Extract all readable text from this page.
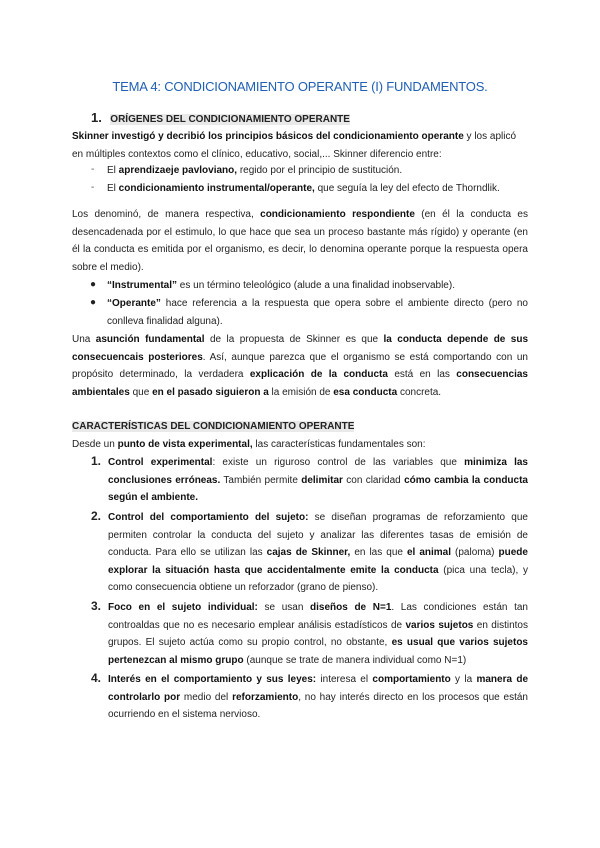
TEMA 4: CONDICIONAMIENTO OPERANTE (I) FUNDAMENTOS.
1. ORÍGENES DEL CONDICIONAMIENTO OPERANTE
Skinner investigó y decribió los principios básicos del condicionamiento operante y los aplicó en múltiples contextos como el clínico, educativo, social,... Skinner diferencio entre:
- El aprendizaeje pavloviano, regido por el principio de sustitución.
- El condicionamiento instrumental/operante, que seguía la ley del efecto de Thorndlik.
Los denominó, de manera respectiva, condicionamiento respondiente (en él la conducta es desencadenada por el estimulo, lo que hace que sea un proceso bastante más rígido) y operante (en él la conducta es emitida por el organismo, es decir, lo denomina operante porque la respuesta opera sobre el medio).
● “Instrumental” es un término teleológico (alude a una finalidad inobservable).
● “Operante” hace referencia a la respuesta que opera sobre el ambiente directo (pero no conlleva finalidad alguna).
Una asunción fundamental de la propuesta de Skinner es que la conducta depende de sus consecuencais posteriores. Así, aunque parezca que el organismo se está comportando con un propósito determinado, la verdadera explicación de la conducta está en las consecuencias ambientales que en el pasado siguieron a la emisión de esa conducta concreta.
CARACTERÍSTICAS DEL CONDICIONAMIENTO OPERANTE
Desde un punto de vista experimental, las características fundamentales son:
1. Control experimental: existe un riguroso control de las variables que minimiza las conclusiones erróneas. También permite delimitar con claridad cómo cambia la conducta según el ambiente.
2. Control del comportamiento del sujeto: se diseñan programas de reforzamiento que permiten controlar la conducta del sujeto y analizar las diferentes tasas de emisión de conducta. Para ello se utilizan las cajas de Skinner, en las que el animal (paloma) puede explorar la situación hasta que accidentalmente emite la conducta (pica una tecla), y como consecuencia obtiene un reforzador (grano de pienso).
3. Foco en el sujeto individual: se usan diseños de N=1. Las condiciones están tan controaldas que no es necesario emplear análisis estadísticos de varios sujetos en distintos grupos. El sujeto actúa como su propio control, no obstante, es usual que varios sujetos pertenezcan al mismo grupo (aunque se trate de manera individual como N=1)
4. Interés en el comportamiento y sus leyes: interesa el comportamiento y la manera de controlarlo por medio del reforzamiento, no hay interés directo en los procesos que están ocurriendo en el sistema nervioso.
